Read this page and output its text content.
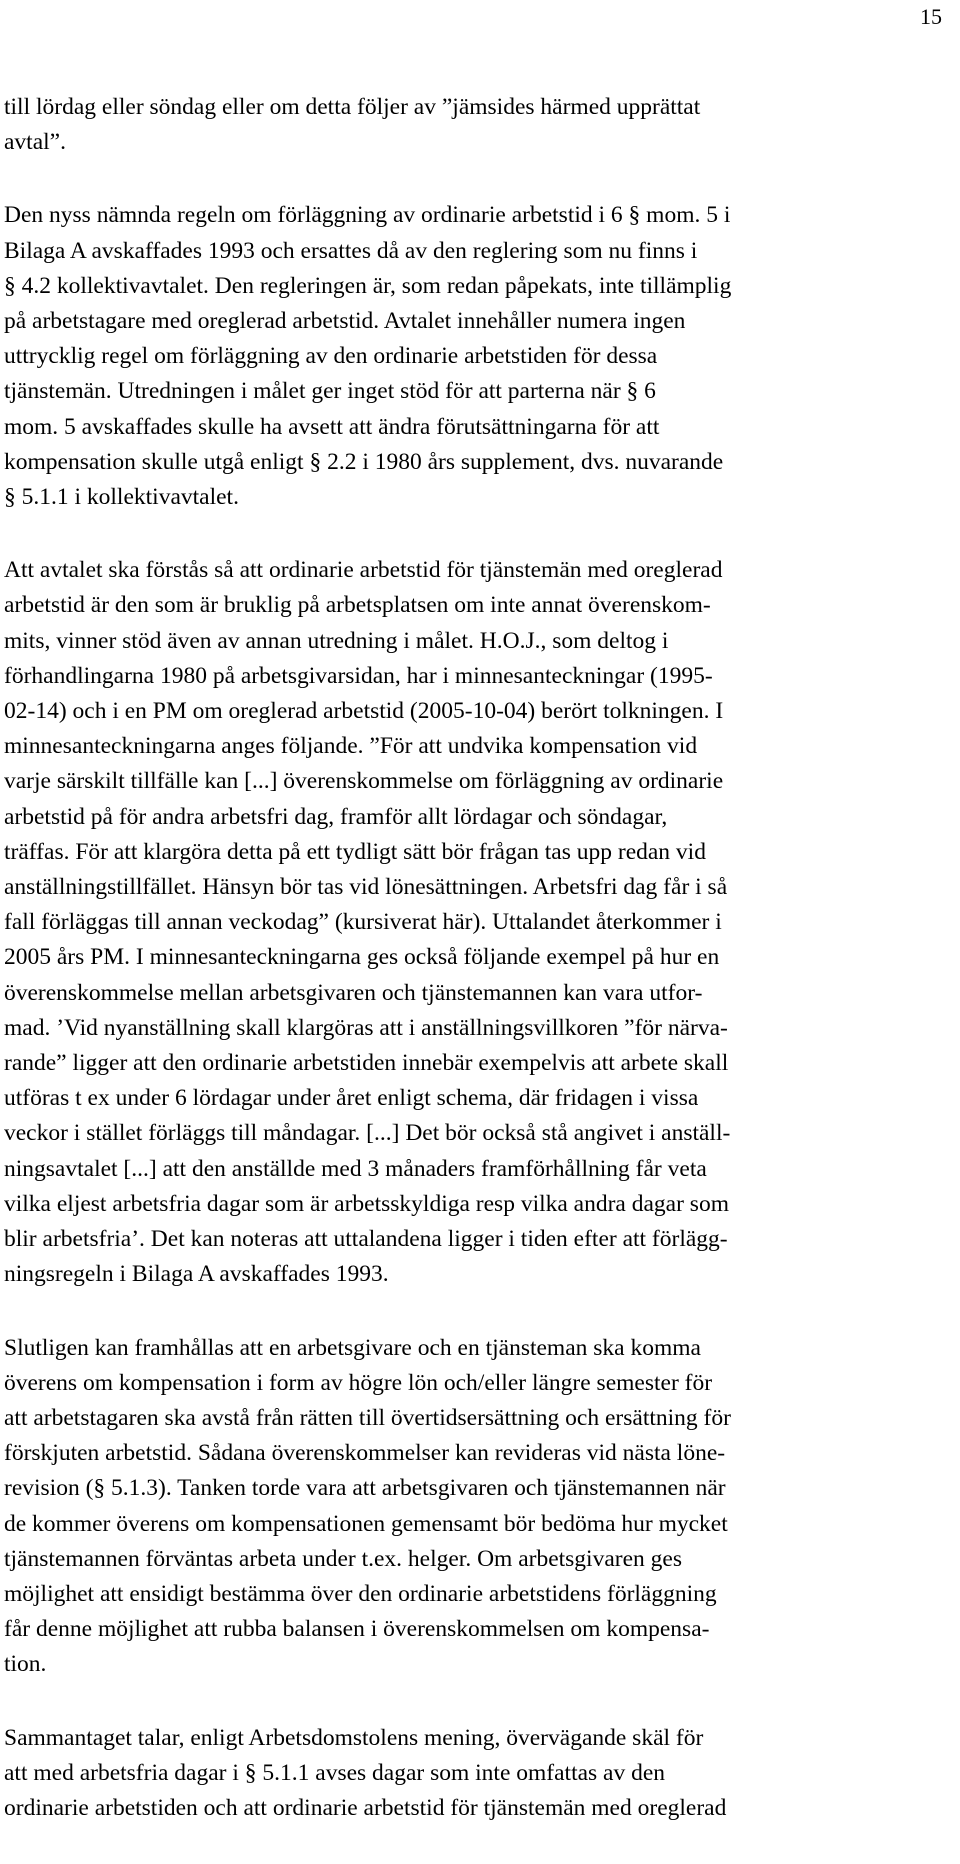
15
till lördag eller söndag eller om detta följer av ”jämsides härmed upprättat
avtal”.
Den nyss nämnda regeln om förläggning av ordinarie arbetstid i 6 § mom. 5 i
Bilaga A avskaffades 1993 och ersattes då av den reglering som nu finns i
§ 4.2 kollektivavtalet. Den regleringen är, som redan påpekats, inte tillämplig
på arbetstagare med oreglerad arbetstid. Avtalet innehåller numera ingen
uttrycklig regel om förläggning av den ordinarie arbetstiden för dessa
tjänstemän. Utredningen i målet ger inget stöd för att parterna när § 6
mom. 5 avskaffades skulle ha avsett att ändra förutsättningarna för att
kompensation skulle utgå enligt § 2.2 i 1980 års supplement, dvs. nuvarande
§ 5.1.1 i kollektivavtalet.
Att avtalet ska förstås så att ordinarie arbetstid för tjänstemän med oreglerad
arbetstid är den som är bruklig på arbetsplatsen om inte annat överenskom-
mits, vinner stöd även av annan utredning i målet. H.O.J., som deltog i
förhandlingarna 1980 på arbetsgivarsidan, har i minnesanteckningar (1995-
02-14) och i en PM om oreglerad arbetstid (2005-10-04) berört tolkningen. I
minnesanteckningarna anges följande. ”För att undvika kompensation vid
varje särskilt tillfälle kan [...] överenskommelse om förläggning av ordinarie
arbetstid på för andra arbetsfri dag, framför allt lördagar och söndagar,
träffas. För att klargöra detta på ett tydligt sätt bör frågan tas upp redan vid
anställningstillfället. Hänsyn bör tas vid lönesättningen. Arbetsfri dag får i så
fall förläggas till annan veckodag” (kursiverat här). Uttalandet återkommer i
2005 års PM. I minnesanteckningarna ges också följande exempel på hur en
överenskommelse mellan arbetsgivaren och tjänstemannen kan vara utfor-
mad. ’Vid nyanställning skall klargöras att i anställningsvillkoren ”för närva-
rande” ligger att den ordinarie arbetstiden innebär exempelvis att arbete skall
utföras t ex under 6 lördagar under året enligt schema, där fridagen i vissa
veckor i stället förläggs till måndagar. [...] Det bör också stå angivet i anställ-
ningsavtalet [...] att den anställde med 3 månaders framförhållning får veta
vilka eljest arbetsfria dagar som är arbetsskyldiga resp vilka andra dagar som
blir arbetsfria’. Det kan noteras att uttalandena ligger i tiden efter att förlägg-
ningsregeln i Bilaga A avskaffades 1993.
Slutligen kan framhållas att en arbetsgivare och en tjänsteman ska komma
överens om kompensation i form av högre lön och/eller längre semester för
att arbetstagaren ska avstå från rätten till övertidsersättning och ersättning för
förskjuten arbetstid. Sådana överenskommelser kan revideras vid nästa löne-
revision (§ 5.1.3). Tanken torde vara att arbetsgivaren och tjänstemannen när
de kommer överens om kompensationen gemensamt bör bedöma hur mycket
tjänstemannen förväntas arbeta under t.ex. helger. Om arbetsgivaren ges
möjlighet att ensidigt bestämma över den ordinarie arbetstidens förläggning
får denne möjlighet att rubba balansen i överenskommelsen om kompensa-
tion.
Sammantaget talar, enligt Arbetsdomstolens mening, övervägande skäl för
att med arbetsfria dagar i § 5.1.1 avses dagar som inte omfattas av den
ordinarie arbetstiden och att ordinarie arbetstid för tjänstemän med oreglerad
